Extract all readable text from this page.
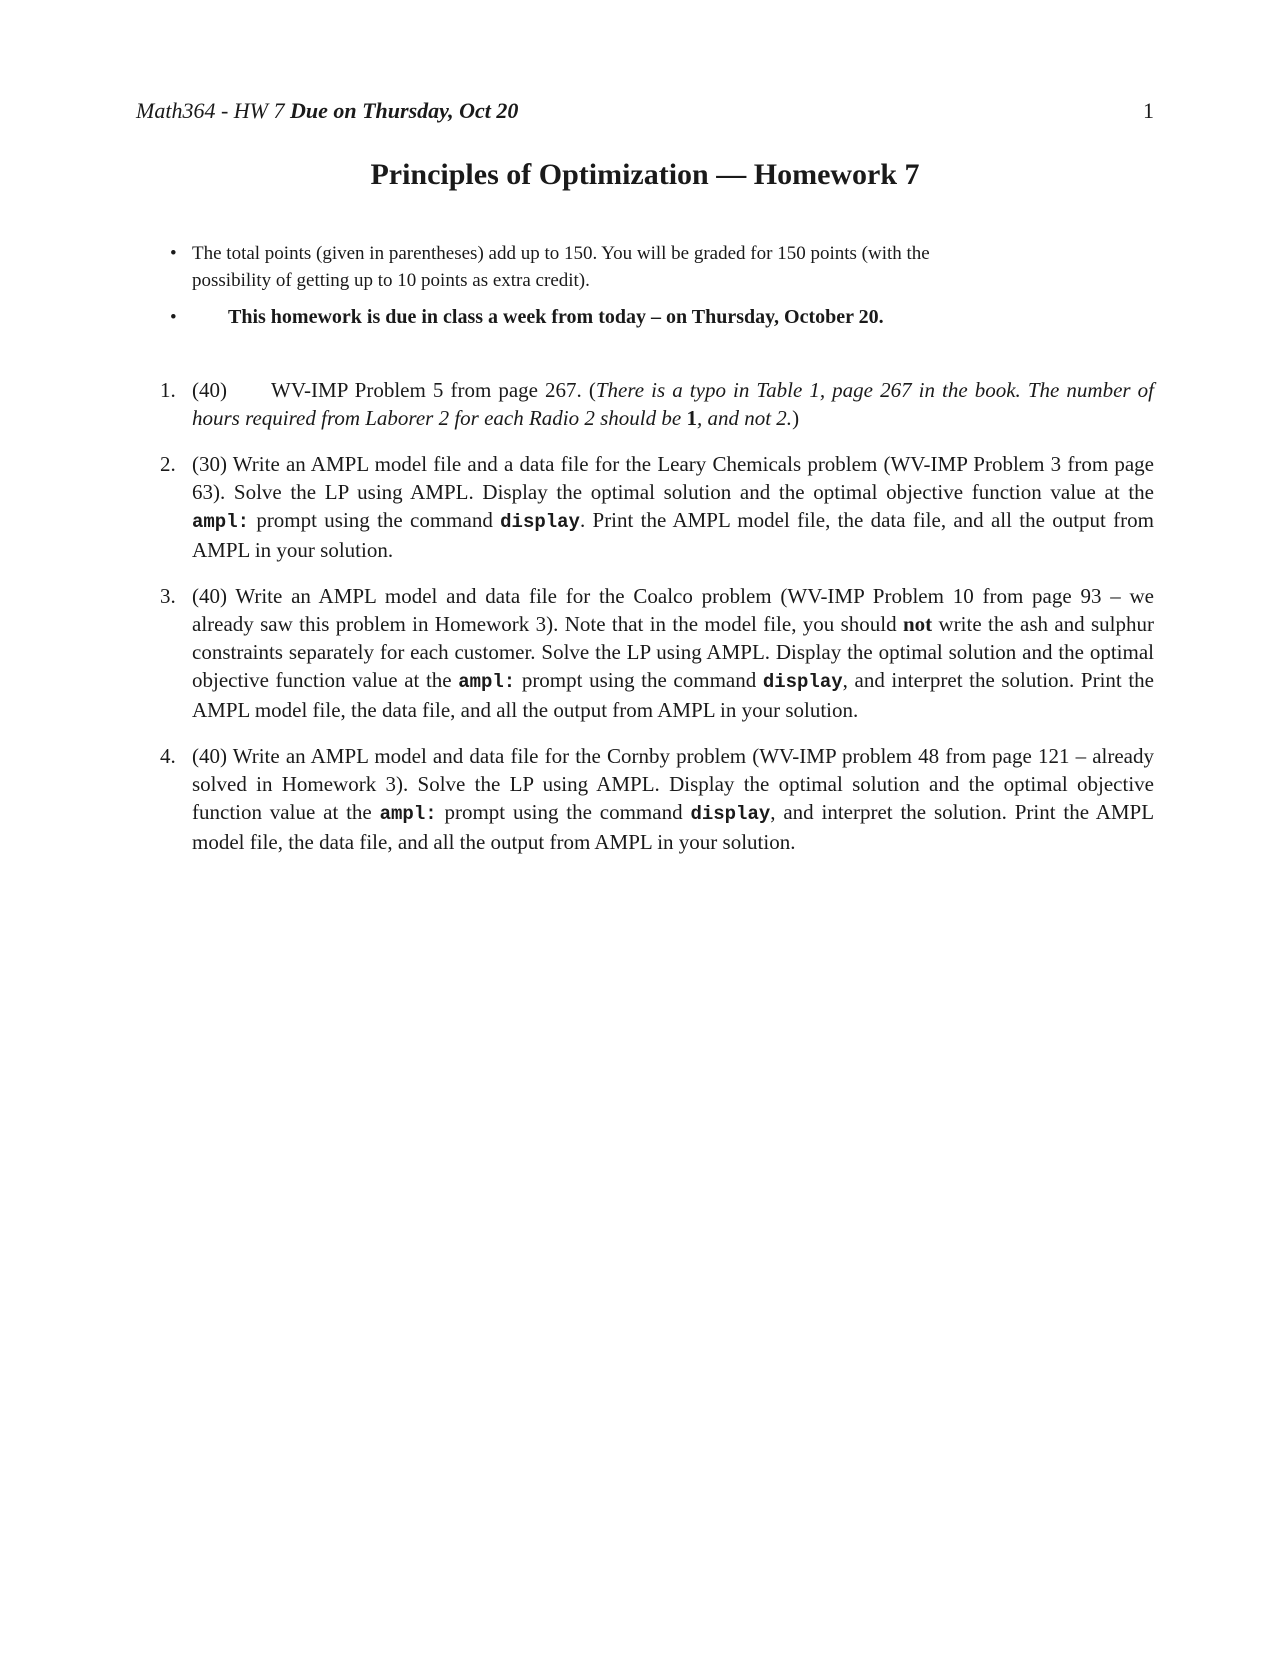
Math364 - HW 7 Due on Thursday, Oct 20	1
Principles of Optimization — Homework 7
• The total points (given in parentheses) add up to 150. You will be graded for 150 points (with the possibility of getting up to 10 points as extra credit).
•	This homework is due in class a week from today – on Thursday, October 20.
1. (40) WV-IMP Problem 5 from page 267. (There is a typo in Table 1, page 267 in the book. The number of hours required from Laborer 2 for each Radio 2 should be 1, and not 2.)
2. (30) Write an AMPL model file and a data file for the Leary Chemicals problem (WV-IMP Problem 3 from page 63). Solve the LP using AMPL. Display the optimal solution and the optimal objective function value at the ampl: prompt using the command display. Print the AMPL model file, the data file, and all the output from AMPL in your solution.
3. (40) Write an AMPL model and data file for the Coalco problem (WV-IMP Problem 10 from page 93 – we already saw this problem in Homework 3). Note that in the model file, you should not write the ash and sulphur constraints separately for each customer. Solve the LP using AMPL. Display the optimal solution and the optimal objective function value at the ampl: prompt using the command display, and interpret the solution. Print the AMPL model file, the data file, and all the output from AMPL in your solution.
4. (40) Write an AMPL model and data file for the Cornby problem (WV-IMP problem 48 from page 121 – already solved in Homework 3). Solve the LP using AMPL. Display the optimal solution and the optimal objective function value at the ampl: prompt using the command display, and interpret the solution. Print the AMPL model file, the data file, and all the output from AMPL in your solution.
